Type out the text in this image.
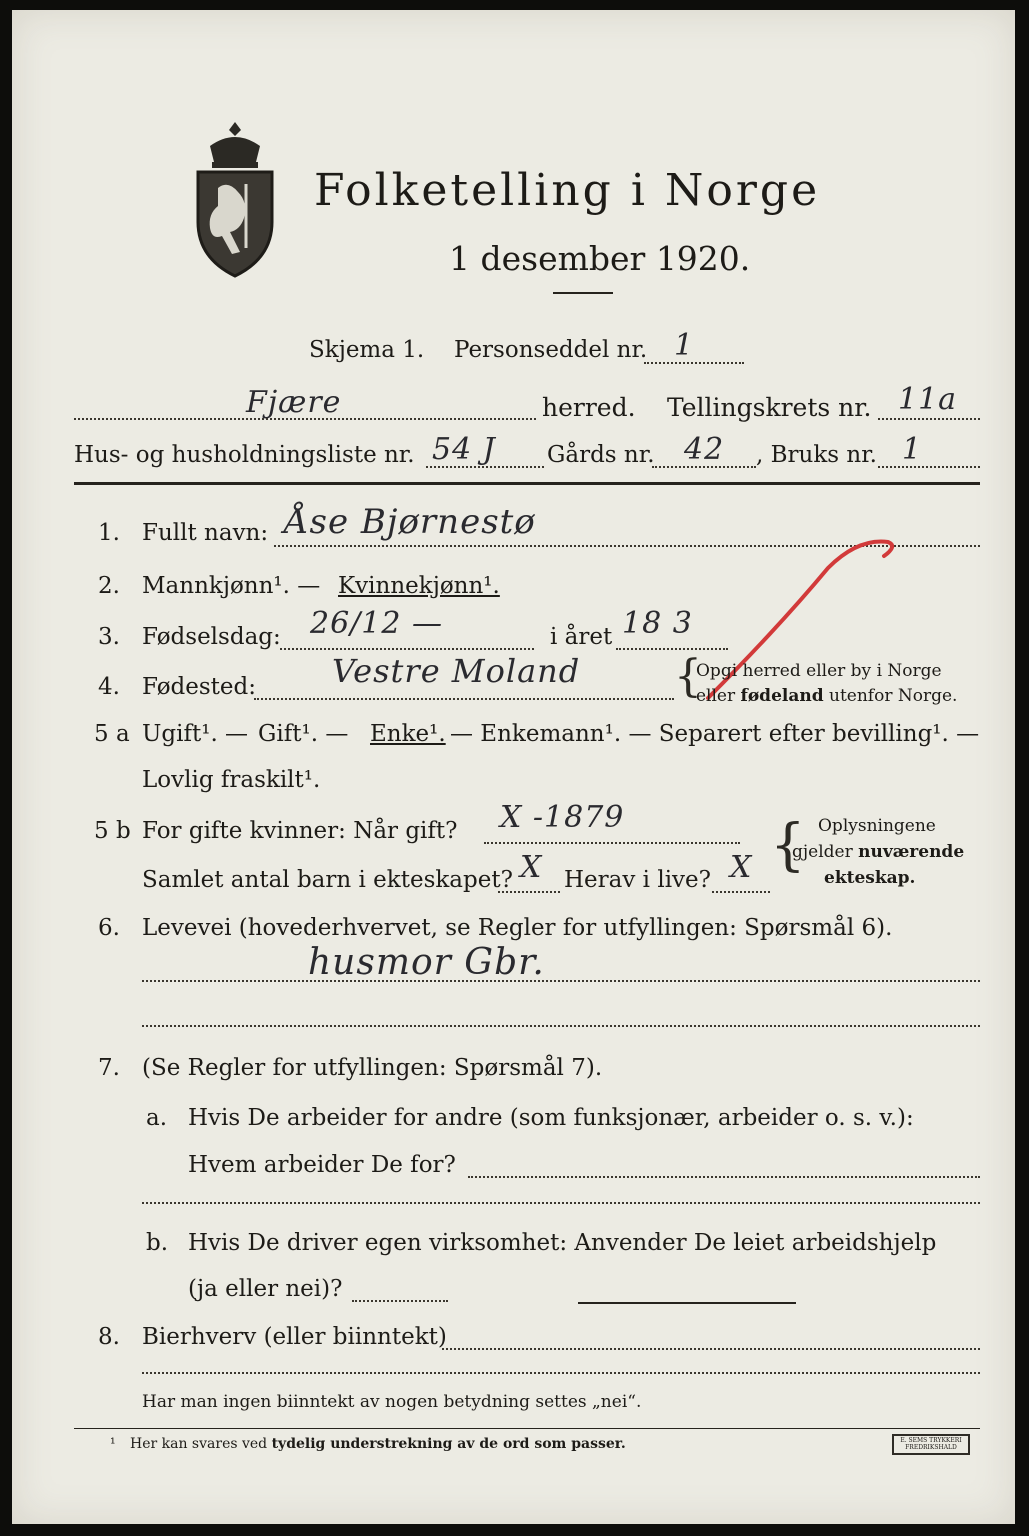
Folketelling i Norge
1 desember 1920.
Skjema 1. Personseddel nr. 1
Fjære	herred. Tellingskrets nr. 11a
Hus- og husholdningsliste nr. 54 J Gårds nr. 42 , Bruks nr. 1
1. Fullt navn: Åse Bjørnestø
2. Mannkjønn¹. — Kvinnekjønn¹.
3. Fødselsdag: 26/12 —	i året 18 3
4. Fødested: Vestre Moland {
Opgi herred eller by i Norge
eller fødeland utenfor Norge.
5 a Ugift¹. — Gift¹. — Enke¹. — Enkemann¹. — Separert efter bevilling¹. —
Lovlig fraskilt¹.
5 b For gifte kvinner: Når gift? X -1879
Samlet antal barn i ekteskapet? X Herav i live? X { Oplysningene
gjelder nuværende
ekteskap.
6. Levevei (hovederhvervet, se Regler for utfyllingen: Spørsmål 6).
husmor Gbr.
7. (Se Regler for utfyllingen: Spørsmål 7).
a. Hvis De arbeider for andre (som funksjonær, arbeider o. s. v.):
Hvem arbeider De for?
b. Hvis De driver egen virksomhet: Anvender De leiet arbeidshjelp
(ja eller nei)?
8. Bierhverv (eller biinntekt)
Har man ingen biinntekt av nogen betydning settes „nei“.
¹ Her kan svares ved tydelig understrekning av de ord som passer.	E. SEMS TRYKKERI FREDRIKSHALD
